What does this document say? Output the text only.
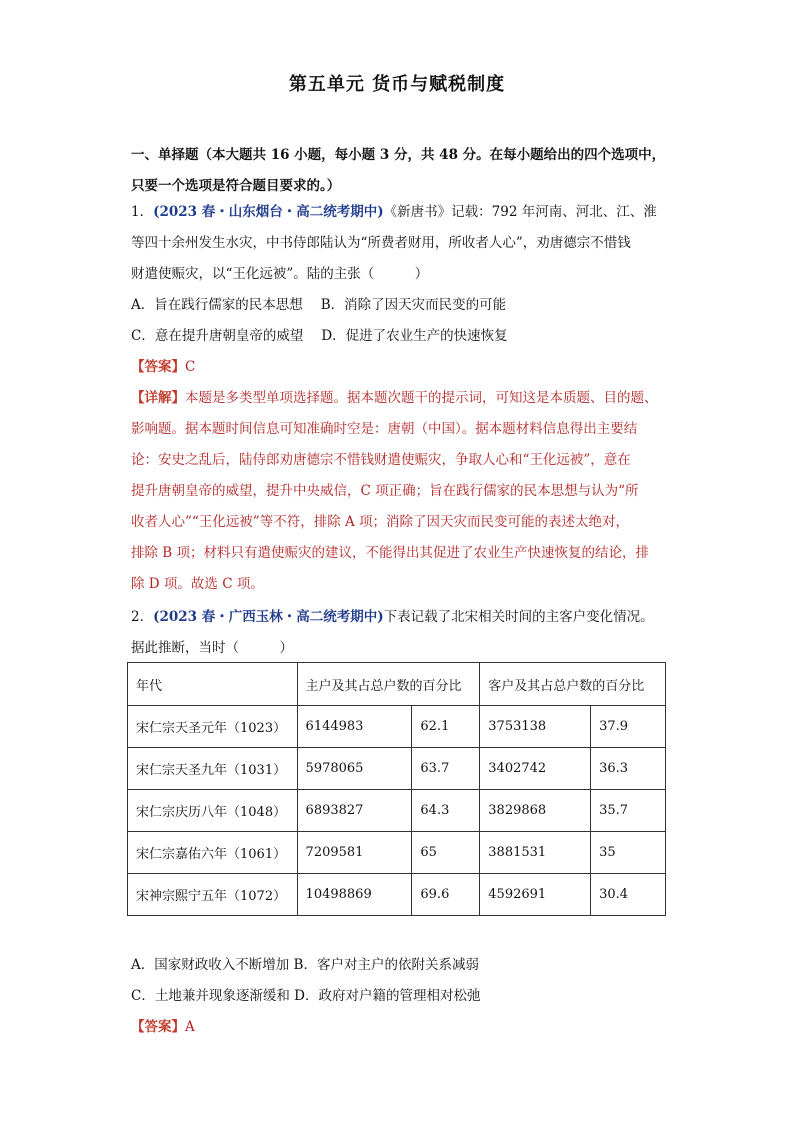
第五单元 货币与赋税制度
一、单择题（本大题共 16 小题，每小题 3 分，共 48 分。在每小题给出的四个选项中，
只要一个选项是符合题目要求的。）
1．(2023 春・山东烟台・高二统考期中)《新唐书》记载：792 年河南、河北、江、淮
等四十余州发生水灾，中书侍郎陆认为“所费者财用，所收者人心”，劝唐德宗不惜钱
财遣使赈灾，以“王化远被”。陆的主张（　　　）
A．旨在践行儒家的民本思想 B．消除了因天灾而民变的可能
C．意在提升唐朝皇帝的威望 D．促进了农业生产的快速恢复
【答案】C
【详解】本题是多类型单项选择题。据本题次题干的提示词，可知这是本质题、目的题、
影响题。据本题时间信息可知准确时空是：唐朝（中国）。据本题材料信息得出主要结
论：安史之乱后，陆侍郎劝唐德宗不惜钱财遣使赈灾，争取人心和“王化远被”，意在
提升唐朝皇帝的威望，提升中央威信，C 项正确；旨在践行儒家的民本思想与认为“所
收者人心”“王化远被”等不符，排除 A 项；消除了因天灾而民变可能的表述太绝对，
排除 B 项；材料只有遣使赈灾的建议，不能得出其促进了农业生产快速恢复的结论，排
除 D 项。故选 C 项。
2．(2023 春・广西玉林・高二统考期中)下表记载了北宋相关时间的主客户变化情况。
据此推断，当时（　　　）
年代	主户及其占总户数的百分比		客户及其占总户数的百分比	
宋仁宗天圣元年（1023）	6144983	62.1	3753138	37.9
宋仁宗天圣九年（1031）	5978065	63.7	3402742	36.3
宋仁宗庆历八年（1048）	6893827	64.3	3829868	35.7
宋仁宗嘉佑六年（1061）	7209581	65	3881531	35
宋神宗熙宁五年（1072）	10498869	69.6	4592691	30.4
A．国家财政收入不断增加 B．客户对主户的依附关系减弱
C．土地兼并现象逐渐缓和 D．政府对户籍的管理相对松弛
【答案】A
